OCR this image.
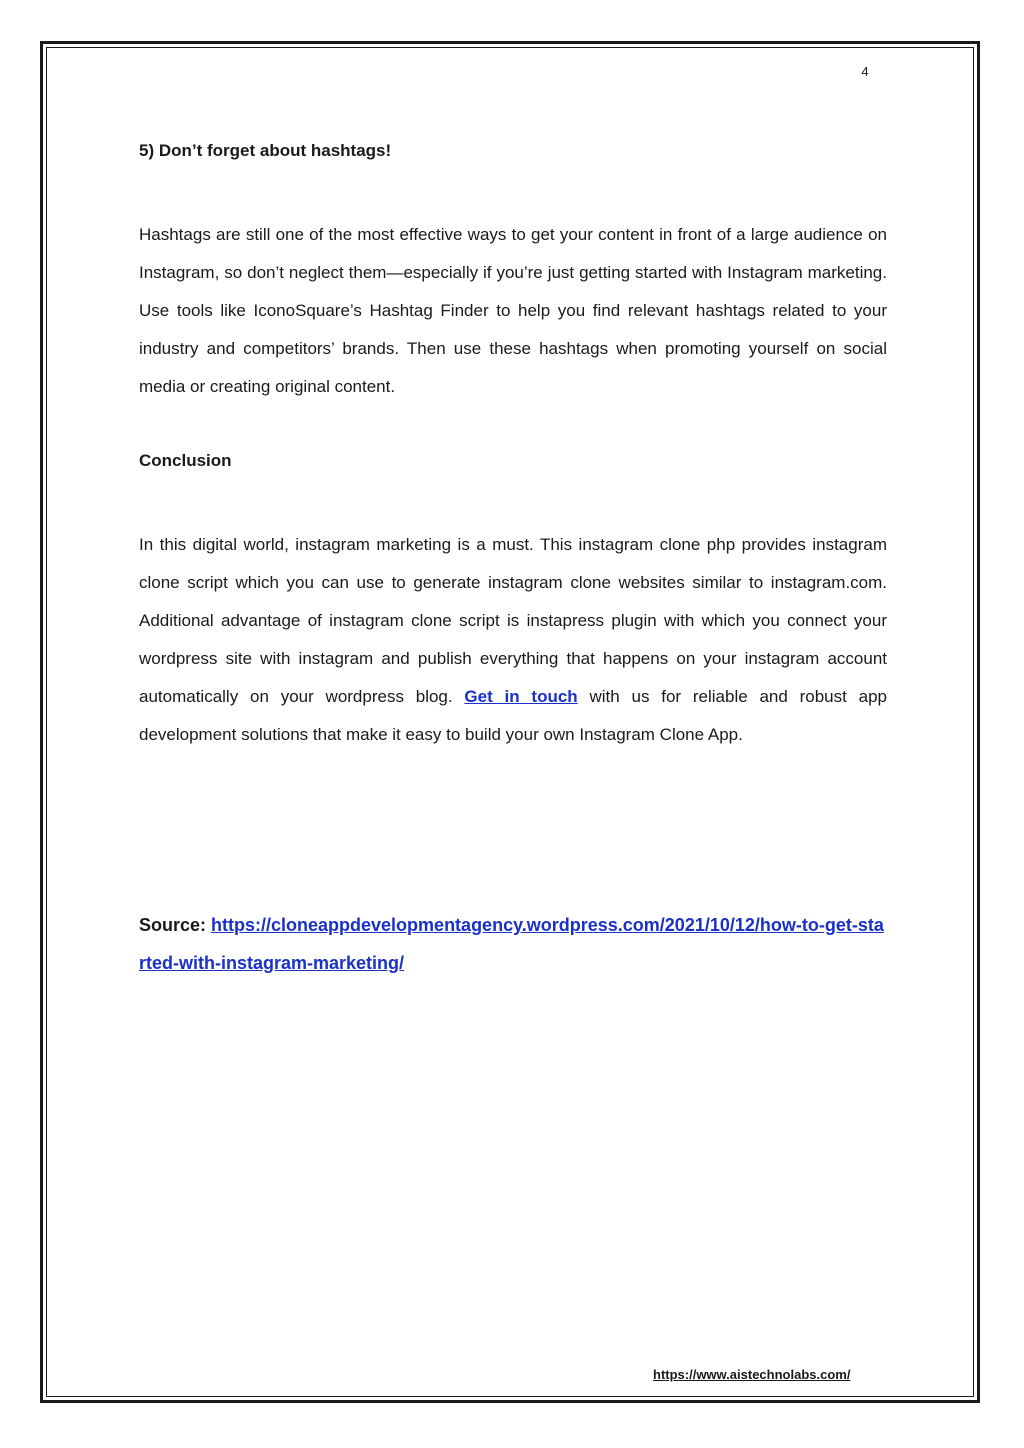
4

5) Don’t forget about hashtags!

Hashtags are still one of the most effective ways to get your content in front of a large audience on Instagram, so don’t neglect them—especially if you’re just getting started with Instagram marketing. Use tools like IconoSquare’s Hashtag Finder to help you find relevant hashtags related to your industry and competitors’ brands. Then use these hashtags when promoting yourself on social media or creating original content.

Conclusion

In this digital world, instagram marketing is a must. This instagram clone php provides instagram clone script which you can use to generate instagram clone websites similar to instagram.com. Additional advantage of instagram clone script is instapress plugin with which you connect your wordpress site with instagram and publish everything that happens on your instagram account automatically on your wordpress blog. Get in touch with us for reliable and robust app development solutions that make it easy to build your own Instagram Clone App.

Source: https://cloneappdevelopmentagency.wordpress.com/2021/10/12/how-to-get-started-with-instagram-marketing/
https://www.aistechnolabs.com/
